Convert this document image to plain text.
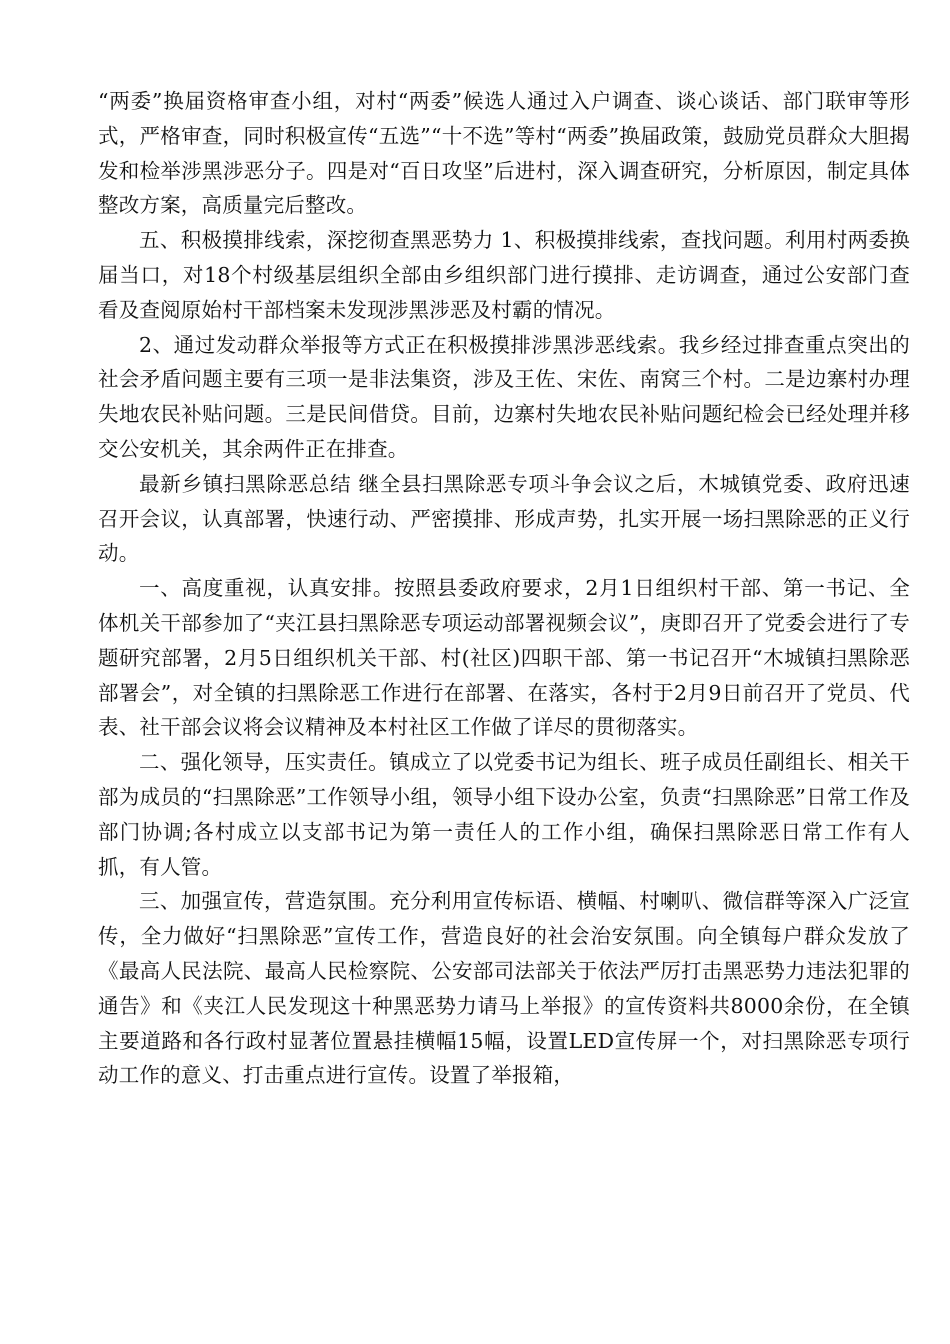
“两委”换届资格审查小组，对村“两委”候选人通过入户调查、谈心谈话、部门联审等形式，严格审查，同时积极宣传“五选”“十不选”等村“两委”换届政策，鼓励党员群众大胆揭发和检举涉黑涉恶分子。四是对“百日攻坚”后进村，深入调查研究，分析原因，制定具体整改方案，高质量完后整改。

五、积极摸排线索，深挖彻查黑恶势力 1、积极摸排线索，查找问题。利用村两委换届当口，对18个村级基层组织全部由乡组织部门进行摸排、走访调查，通过公安部门查看及查阅原始村干部档案未发现涉黑涉恶及村霸的情况。

2、通过发动群众举报等方式正在积极摸排涉黑涉恶线索。我乡经过排查重点突出的社会矛盾问题主要有三项一是非法集资，涉及王佐、宋佐、南窝三个村。二是边寨村办理失地农民补贴问题。三是民间借贷。目前，边寨村失地农民补贴问题纪检会已经处理并移交公安机关，其余两件正在排查。

最新乡镇扫黑除恶总结 继全县扫黑除恶专项斗争会议之后，木城镇党委、政府迅速召开会议，认真部署，快速行动、严密摸排、形成声势，扎实开展一场扫黑除恶的正义行动。

一、高度重视，认真安排。按照县委政府要求，2月1日组织村干部、第一书记、全体机关干部参加了“夹江县扫黑除恶专项运动部署视频会议”，庚即召开了党委会进行了专题研究部署，2月5日组织机关干部、村(社区)四职干部、第一书记召开“木城镇扫黑除恶部署会”，对全镇的扫黑除恶工作进行在部署、在落实，各村于2月9日前召开了党员、代表、社干部会议将会议精神及本村社区工作做了详尽的贯彻落实。

二、强化领导，压实责任。镇成立了以党委书记为组长、班子成员任副组长、相关干部为成员的“扫黑除恶”工作领导小组，领导小组下设办公室，负责“扫黑除恶”日常工作及部门协调;各村成立以支部书记为第一责任人的工作小组，确保扫黑除恶日常工作有人抓，有人管。

三、加强宣传，营造氛围。充分利用宣传标语、横幅、村喇叭、微信群等深入广泛宣传，全力做好“扫黑除恶”宣传工作，营造良好的社会治安氛围。向全镇每户群众发放了《最高人民法院、最高人民检察院、公安部司法部关于依法严厉打击黑恶势力违法犯罪的通告》和《夹江人民发现这十种黑恶势力请马上举报》的宣传资料共8000余份，在全镇主要道路和各行政村显著位置悬挂横幅15幅，设置LED宣传屏一个，对扫黑除恶专项行动工作的意义、打击重点进行宣传。设置了举报箱，
